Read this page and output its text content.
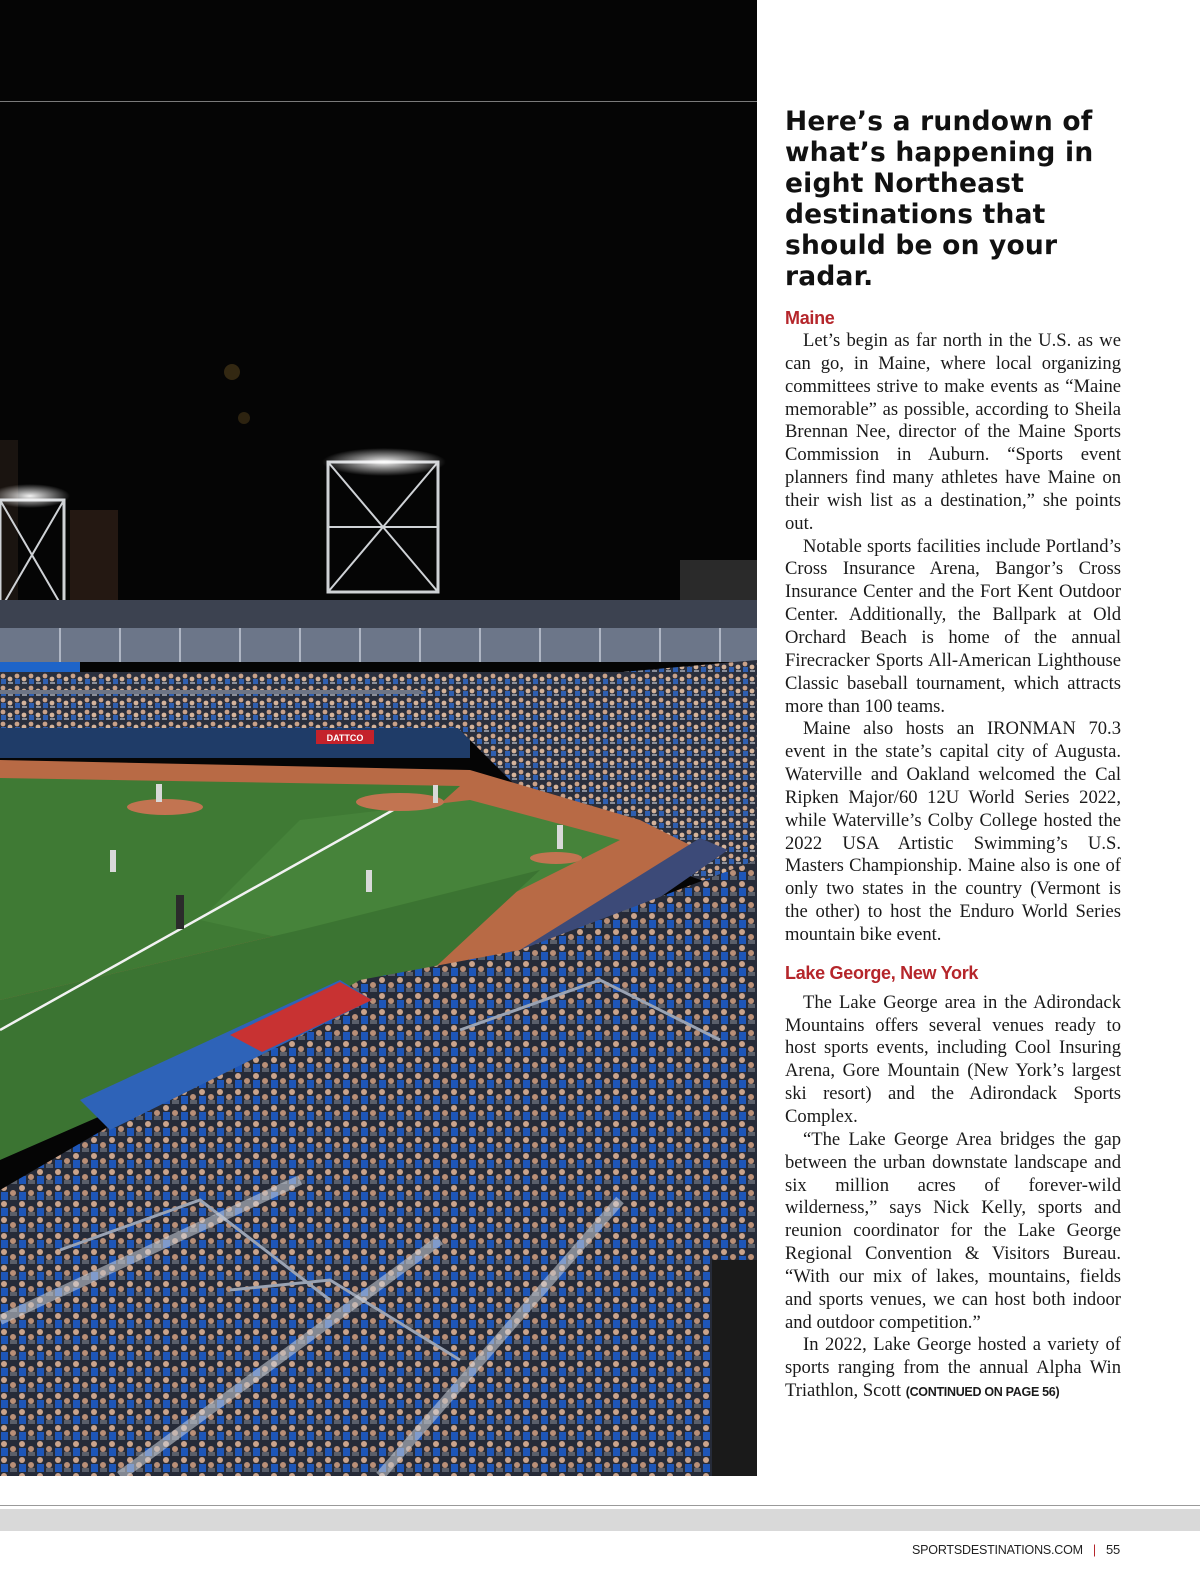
DATTCO
Here’s a rundown of what’s happening in eight Northeast destinations that should be on your radar.
Maine

Let’s begin as far north in the U.S. as we can go, in Maine, where local organizing committees strive to make events as “Maine memorable” as possible, according to Sheila Brennan Nee, director of the Maine Sports Commission in Auburn. “Sports event planners find many athletes have Maine on their wish list as a destination,” she points out.

Notable sports facilities include Portland’s Cross Insurance Arena, Bangor’s Cross Insurance Center and the Fort Kent Outdoor Center. Additionally, the Ballpark at Old Orchard Beach is home of the annual Firecracker Sports All-American Lighthouse Classic baseball tournament, which attracts more than 100 teams.

Maine also hosts an IRONMAN 70.3 event in the state’s capital city of Augusta. Waterville and Oakland welcomed the Cal Ripken Major/60 12U World Series 2022, while Waterville’s Colby College hosted the 2022 USA Artistic Swimming’s U.S. Masters Championship. Maine also is one of only two states in the country (Vermont is the other) to host the Enduro World Series mountain bike event.

Lake George, New York

The Lake George area in the Adirondack Mountains offers several venues ready to host sports events, including Cool Insuring Arena, Gore Mountain (New York’s largest ski resort) and the Adirondack Sports Complex.

“The Lake George Area bridges the gap between the urban downstate landscape and six million acres of forever-wild wilderness,” says Nick Kelly, sports and reunion coordinator for the Lake George Regional Convention & Visitors Bureau. “With our mix of lakes, mountains, fields and sports venues, we can host both indoor and outdoor competition.”

In 2022, Lake George hosted a variety of sports ranging from the annual Alpha Win Triathlon, Scott (CONTINUED ON PAGE 56)

SPORTSDESTINATIONS.COM | 55
